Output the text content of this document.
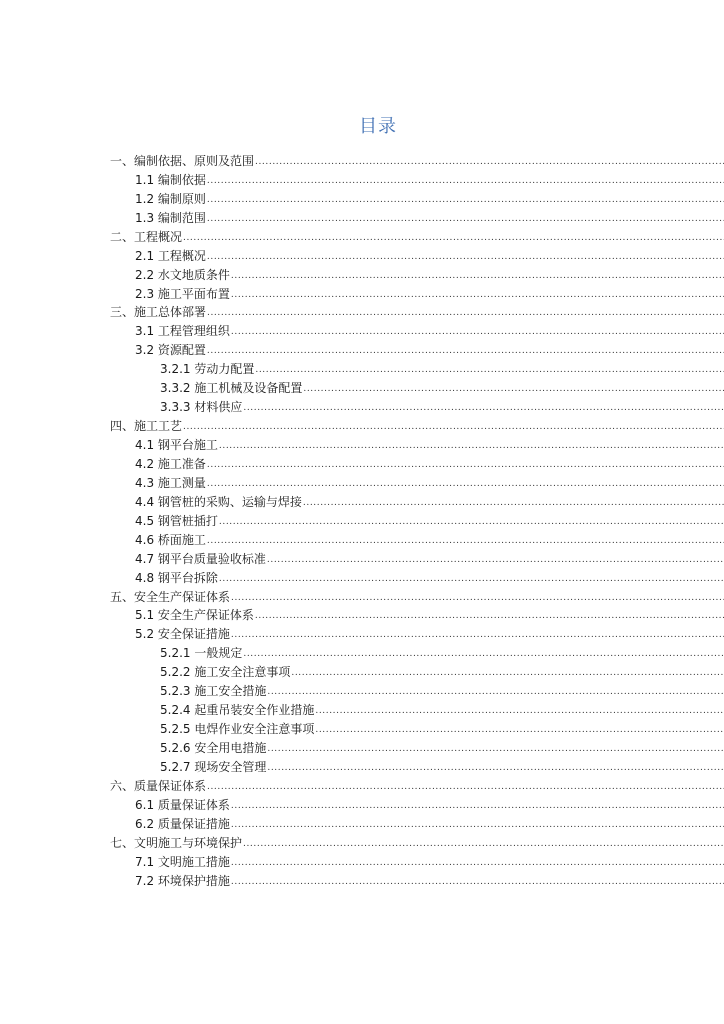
目录
一、编制依据、原则及范围
.....
1.1 编制依据
.....
1.2 编制原则
.....
1.3 编制范围
.....
二、工程概况
.....
2.1 工程概况
.....
2.2 水文地质条件
.....
2.3 施工平面布置
.....
三、施工总体部署
.....
3.1 工程管理组织
.....
3.2 资源配置
.....
3.2.1 劳动力配置
.....
3.3.2 施工机械及设备配置
.....
3.3.3 材料供应
.....
四、施工工艺
.....
4.1 钢平台施工
.....
4.2 施工准备
.....
4.3 施工测量
.....
4.4 钢管桩的采购、运输与焊接
.....
4.5 钢管桩插打
.....
4.6 桥面施工
.....
4.7 钢平台质量验收标准
.....
4.8 钢平台拆除
.....
五、安全生产保证体系
.....
5.1 安全生产保证体系
.....
5.2 安全保证措施
.....
5.2.1 一般规定
.....
5.2.2 施工安全注意事项
.....
5.2.3 施工安全措施
.....
5.2.4 起重吊装安全作业措施
.....
5.2.5 电焊作业安全注意事项
.....
5.2.6 安全用电措施
.....
5.2.7 现场安全管理
.....
六、质量保证体系
.....
6.1 质量保证体系
.....
6.2 质量保证措施
.....
七、文明施工与环境保护
.....
7.1 文明施工措施
.....
7.2 环境保护措施
.....
